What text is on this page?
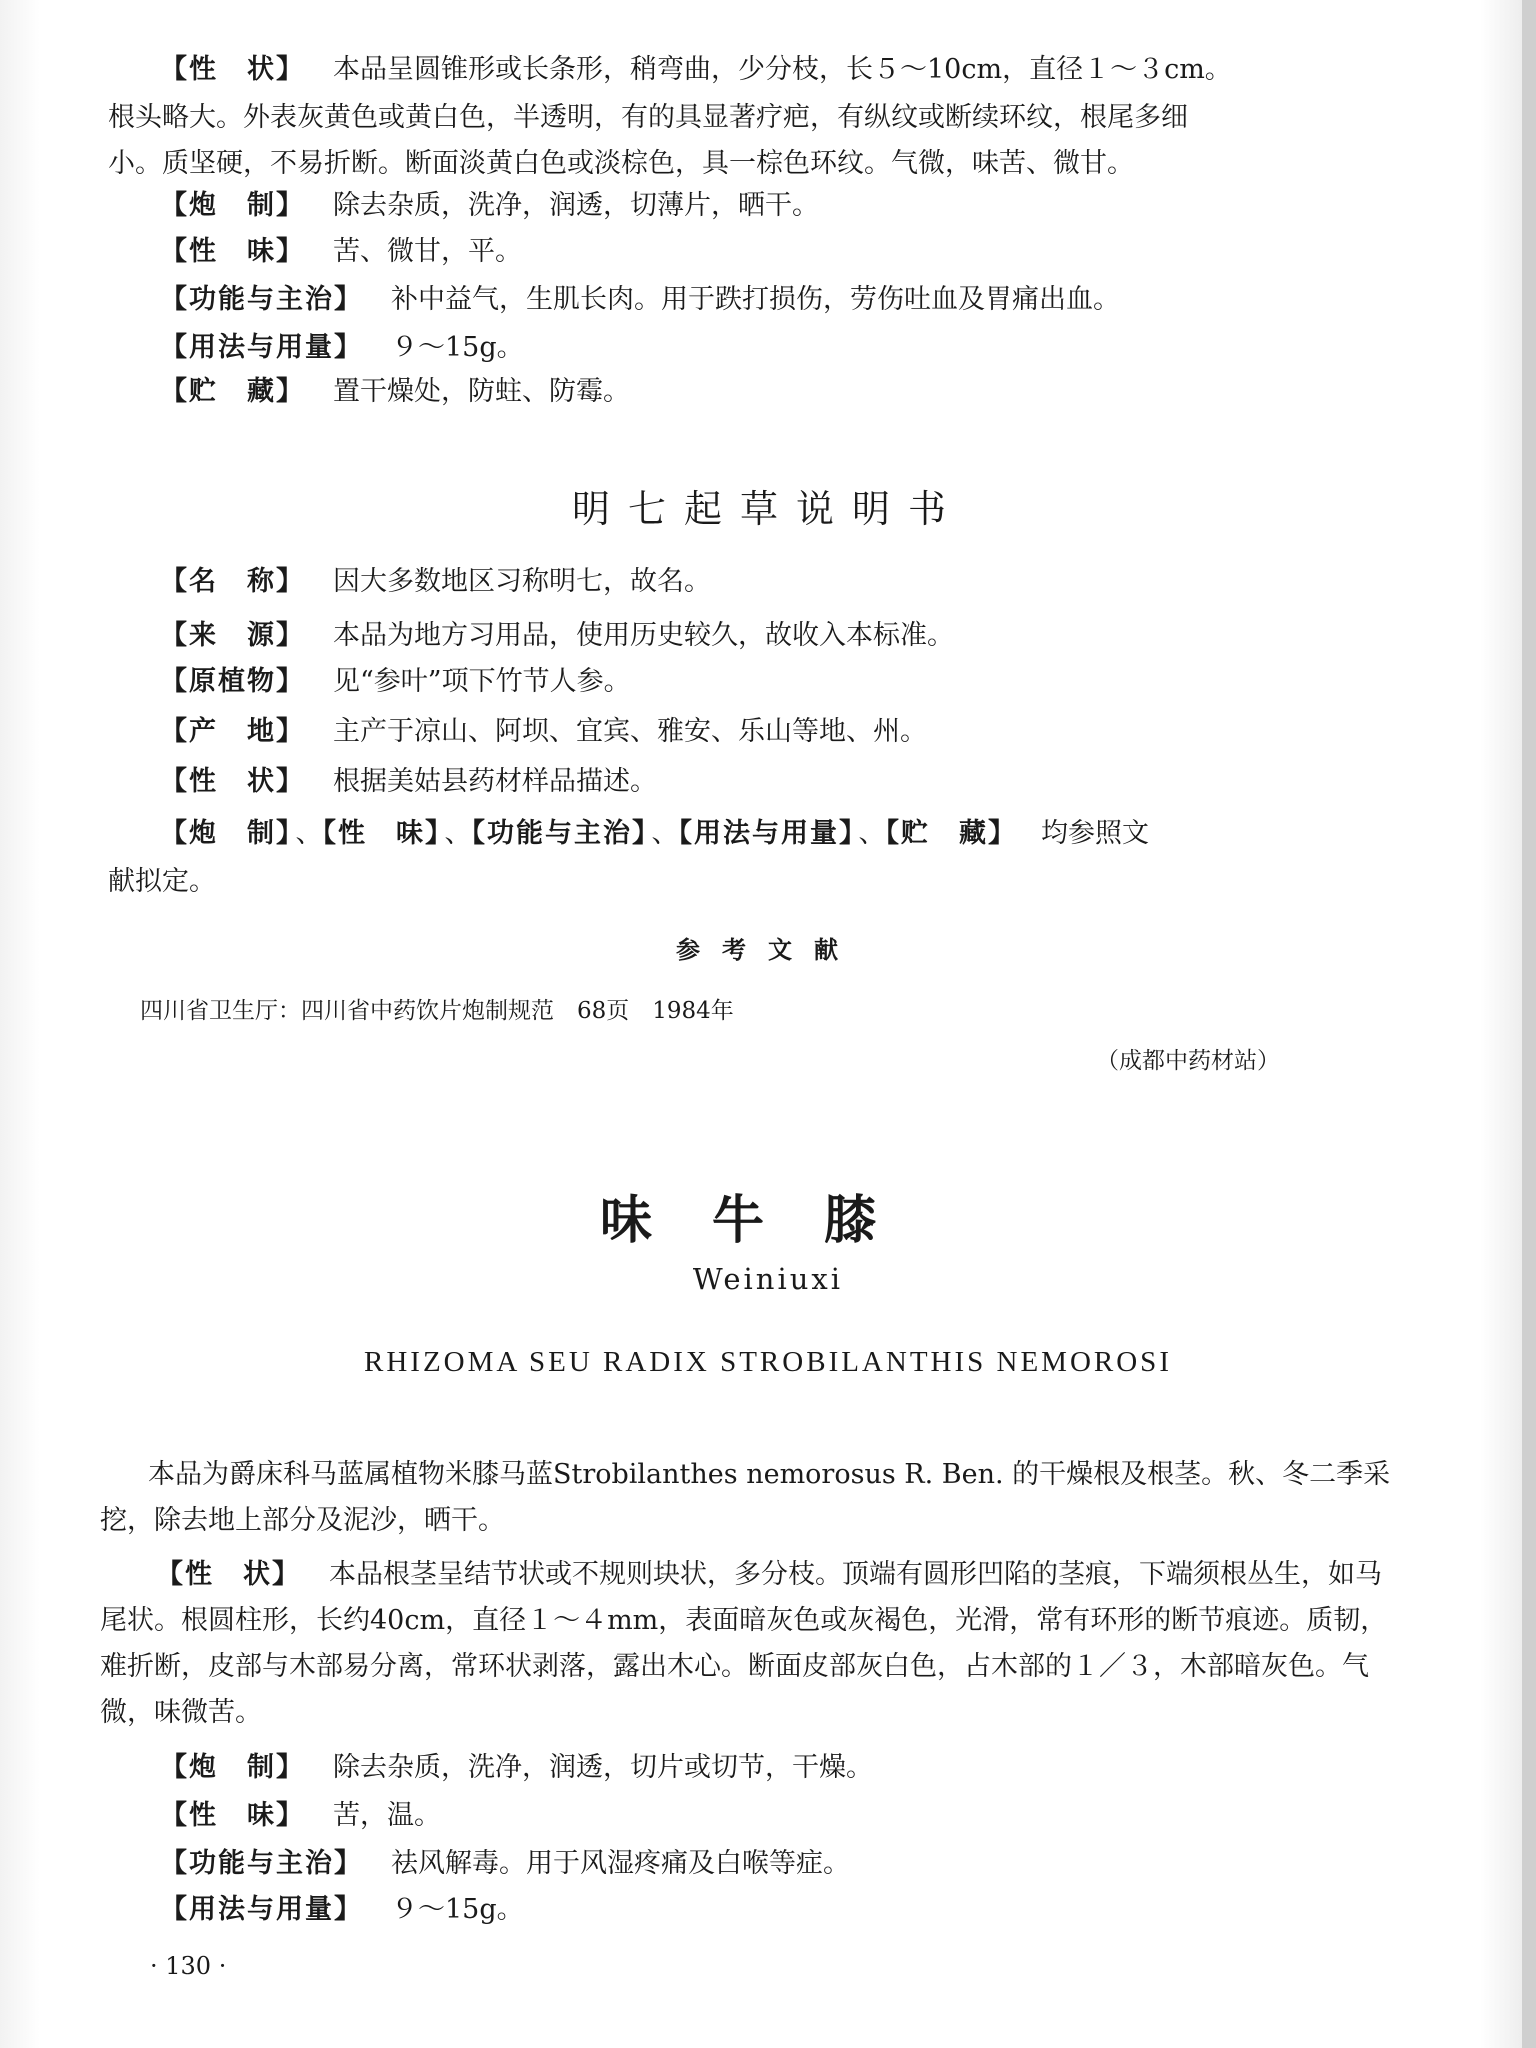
【性　状】 本品呈圆锥形或长条形，稍弯曲，少分枝，长５～10cm，直径１～３cm。
根头略大。外表灰黄色或黄白色，半透明，有的具显著疗疤，有纵纹或断续环纹，根尾多细
小。质坚硬，不易折断。断面淡黄白色或淡棕色，具一棕色环纹。气微，味苦、微甘。
【炮　制】 除去杂质，洗净，润透，切薄片，晒干。
【性　味】 苦、微甘，平。
【功能与主治】 补中益气，生肌长肉。用于跌打损伤，劳伤吐血及胃痛出血。
【用法与用量】 ９～15g。
【贮　藏】 置干燥处，防蛀、防霉。
明七起草说明书
【名　称】 因大多数地区习称明七，故名。
【来　源】 本品为地方习用品，使用历史较久，故收入本标准。
【原植物】 见“参叶”项下竹节人参。
【产　地】 主产于凉山、阿坝、宜宾、雅安、乐山等地、州。
【性　状】 根据美姑县药材样品描述。
【炮　制】 、【性　味】 、【功能与主治】 、【用法与用量】 、【贮　藏】 均参照文
献拟定。
参考文献
四川省卫生厅：四川省中药饮片炮制规范　68页　1984年
（成都中药材站）
味牛膝
Weiniuxi
RHIZOMA SEU RADIX STROBILANTHIS NEMOROSI
本品为爵床科马蓝属植物米膝马蓝Strobilanthes nemorosus R. Ben. 的干燥根及根茎。秋、冬二季采挖，除去地上部分及泥沙，晒干。
【性　状】 本品根茎呈结节状或不规则块状，多分枝。顶端有圆形凹陷的茎痕，下端须根丛生，如马尾状。根圆柱形，长约40cm，直径１～４mm，表面暗灰色或灰褐色，光滑，常有环形的断节痕迹。质韧，难折断，皮部与木部易分离，常环状剥落，露出木心。断面皮部灰白色，占木部的１／３，木部暗灰色。气微，味微苦。
【炮　制】 除去杂质，洗净，润透，切片或切节，干燥。
【性　味】 苦，温。
【功能与主治】 祛风解毒。用于风湿疼痛及白喉等症。
【用法与用量】 ９～15g。
· 130 ·
